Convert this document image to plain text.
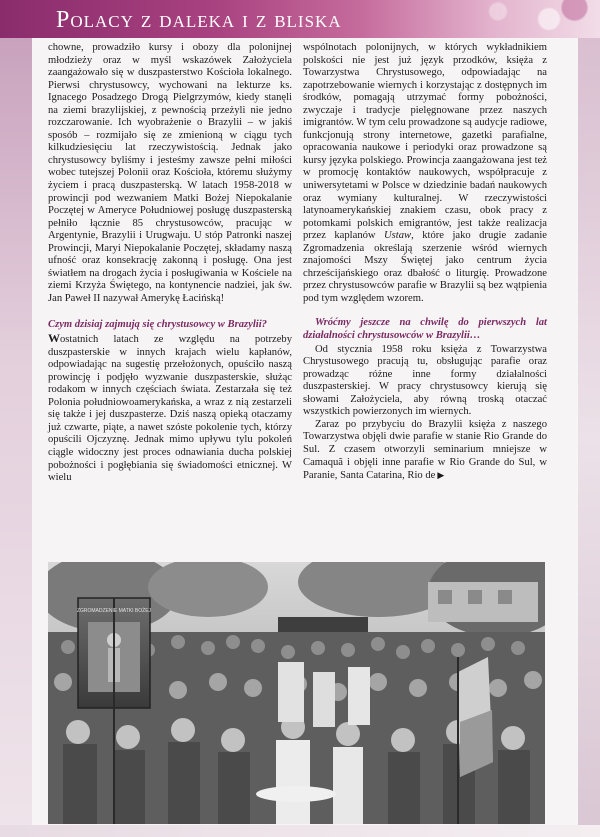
Polacy z daleka i z bliska

chowne, prowadziło kursy i obozy dla polonijnej młodzieży oraz w myśl wskazówek Założyciela zaangażowało się w duszpasterstwo Kościoła lokalnego. Pierwsi chrystusowcy, wychowani na lekturze ks. Ignacego Posadzego Drogą Pielgrzymów, kiedy stanęli na ziemi brazylijskiej, z pewnością przeżyli nie jedno rozczarowanie. Ich wyobrażenie o Brazylii – w jakiś sposób – rozmijało się ze zmienioną w ciągu tych kilkudziesięciu lat rzeczywistością. Jednak jako chrystusowcy byliśmy i jesteśmy zawsze pełni miłości wobec tutejszej Polonii oraz Kościoła, któremu służymy życiem i pracą duszpasterską. W latach 1958-2018 w prowincji pod wezwaniem Matki Bożej Niepokalanie Poczętej w Ameryce Południowej posługę duszpasterską pełniło łącznie 85 chrystusowców, pracując w Argentynie, Brazylii i Urugwaju. U stóp Patronki naszej Prowincji, Maryi Niepokalanie Poczętej, składamy naszą ufność oraz konsekrację zakonną i posługę. Ona jest światłem na drogach życia i posługiwania w Kościele na ziemi Krzyża Świętego, na kontynencie nadziei, jak św. Jan Paweł II nazywał Amerykę Łacińską!

Czym dzisiaj zajmują się chrystusowcy w Brazylii?

Wostatnich latach ze względu na potrzeby duszpasterskie w innych krajach wielu kapłanów, odpowiadając na sugestię przełożonych, opuściło naszą prowincję i podjęło wyzwanie duszpasterskie, służąc rodakom w innych częściach świata. Zestarzała się też Polonia południowoamerykańska, a wraz z nią zestarzeli się także i jej duszpasterze. Dziś naszą opieką otaczamy już czwarte, piąte, a nawet szóste pokolenie tych, którzy opuścili Ojczyznę. Jednak mimo upływu tylu pokoleń ciągle widoczny jest proces odnawiania ducha polskiej pobożności i pogłębiania się świadomości etnicznej. W wielu

wspólnotach polonijnych, w których wykładnikiem polskości nie jest już język przodków, księża z Towarzystwa Chrystusowego, odpowiadając na zapotrzebowanie wiernych i korzystając z dostępnych im środków, pomagają utrzymać formy pobożności, zwyczaje i tradycje pielęgnowane przez naszych imigrantów. W tym celu prowadzone są audycje radiowe, funkcjonują strony internetowe, gazetki parafialne, opracowania naukowe i periodyki oraz prowadzone są kursy języka polskiego. Prowincja zaangażowana jest też w promocję kontaktów naukowych, współpracuje z uniwersytetami w Polsce w dziedzinie badań naukowych oraz wymiany kulturalnej. W rzeczywistości latynoamerykańskiej znakiem czasu, obok pracy z potomkami polskich emigrantów, jest także realizacja przez kaplanów Ustaw, które jako drugie zadanie Zgromadzenia określają szerzenie wśród wiernych znajomości Mszy Świętej jako centrum życia chrześcijańskiego oraz dbałość o liturgię. Prowadzone przez chrystusowców parafie w Brazylii są bez wątpienia pod tym względem wzorem.

Wróćmy jeszcze na chwilę do pierwszych lat działalności chrystusowców w Brazylii…

Od stycznia 1958 roku księża z Towarzystwa Chrystusowego pracują tu, obsługując parafie oraz prowadząc różne inne formy działalności duszpasterskiej. W pracy chrystusowcy kierują się słowami Założyciela, aby równą troską otaczać wszystkich powierzonych im wiernych.

Zaraz po przybyciu do Brazylii księża z naszego Towarzystwa objęli dwie parafie w stanie Rio Grande do Sul. Z czasem otworzyli seminarium mniejsze w Camaquã i objęli inne parafie w Rio Grande do Sul, w Paranie, Santa Catarina, Rio de ▶

ZGROMADZENIE MATKI BOŻEJ
